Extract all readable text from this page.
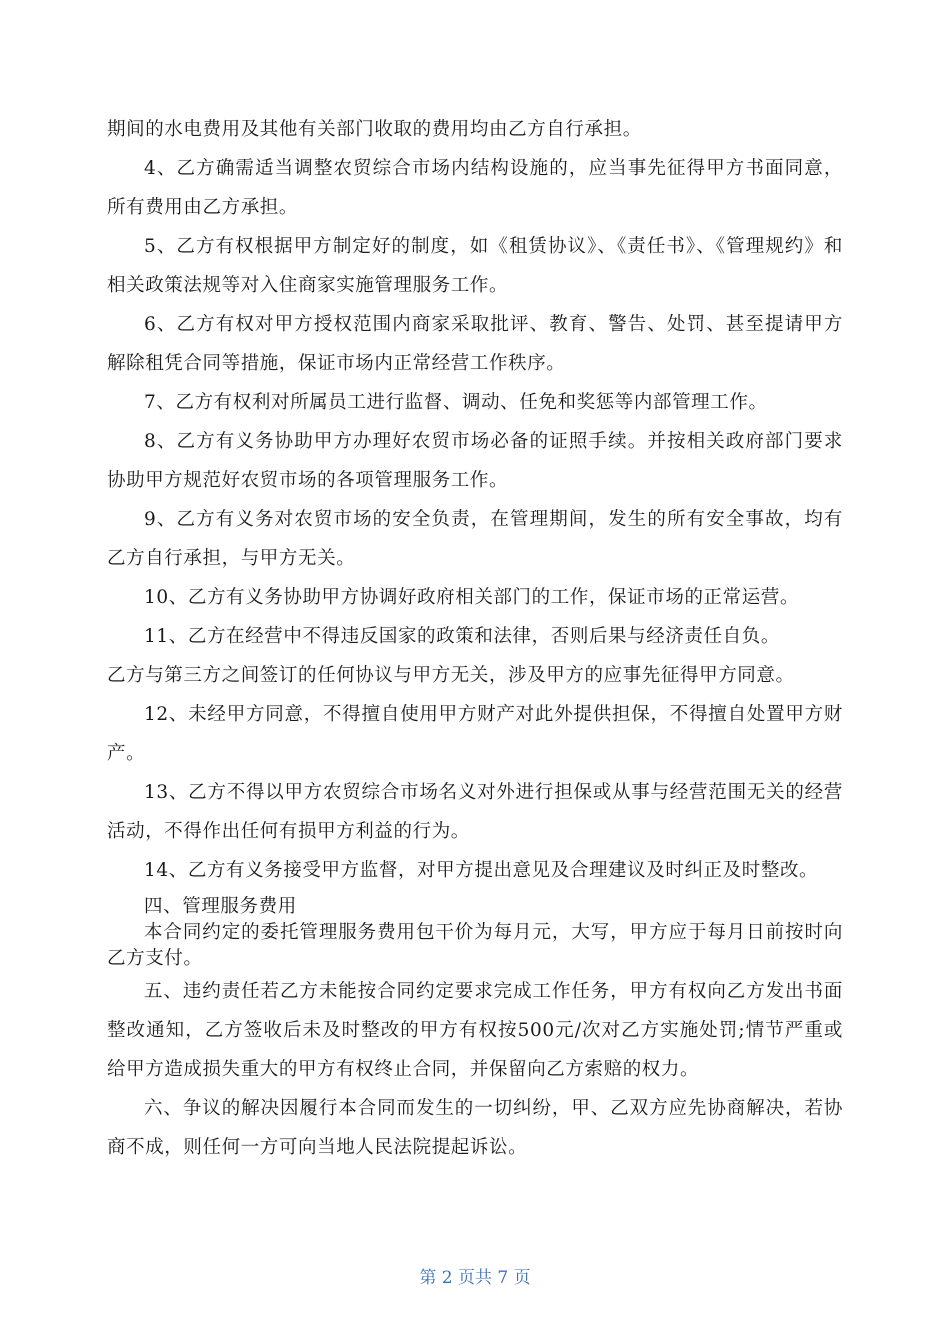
期间的水电费用及其他有关部门收取的费用均由乙方自行承担。

4、乙方确需适当调整农贸综合市场内结构设施的，应当事先征得甲方书面同意，所有费用由乙方承担。

5、乙方有权根据甲方制定好的制度，如《租赁协议》、《责任书》、《管理规约》和相关政策法规等对入住商家实施管理服务工作。

6、乙方有权对甲方授权范围内商家采取批评、教育、警告、处罚、甚至提请甲方解除租凭合同等措施，保证市场内正常经营工作秩序。

7、乙方有权利对所属员工进行监督、调动、任免和奖惩等内部管理工作。

8、乙方有义务协助甲方办理好农贸市场必备的证照手续。并按相关政府部门要求协助甲方规范好农贸市场的各项管理服务工作。

9、乙方有义务对农贸市场的安全负责，在管理期间，发生的所有安全事故，均有乙方自行承担，与甲方无关。

10、乙方有义务协助甲方协调好政府相关部门的工作，保证市场的正常运营。

11、乙方在经营中不得违反国家的政策和法律，否则后果与经济责任自负。

乙方与第三方之间签订的任何协议与甲方无关，涉及甲方的应事先征得甲方同意。

12、未经甲方同意，不得擅自使用甲方财产对此外提供担保，不得擅自处置甲方财产。

13、乙方不得以甲方农贸综合市场名义对外进行担保或从事与经营范围无关的经营活动，不得作出任何有损甲方利益的行为。

14、乙方有义务接受甲方监督，对甲方提出意见及合理建议及时纠正及时整改。

四、管理服务费用

本合同约定的委托管理服务费用包干价为每月元，大写，甲方应于每月日前按时向乙方支付。

五、违约责任若乙方未能按合同约定要求完成工作任务，甲方有权向乙方发出书面整改通知，乙方签收后未及时整改的甲方有权按500元/次对乙方实施处罚;情节严重或给甲方造成损失重大的甲方有权终止合同，并保留向乙方索赔的权力。

六、争议的解决因履行本合同而发生的一切纠纷，甲、乙双方应先协商解决，若协商不成，则任何一方可向当地人民法院提起诉讼。

第 2 页共 7 页
